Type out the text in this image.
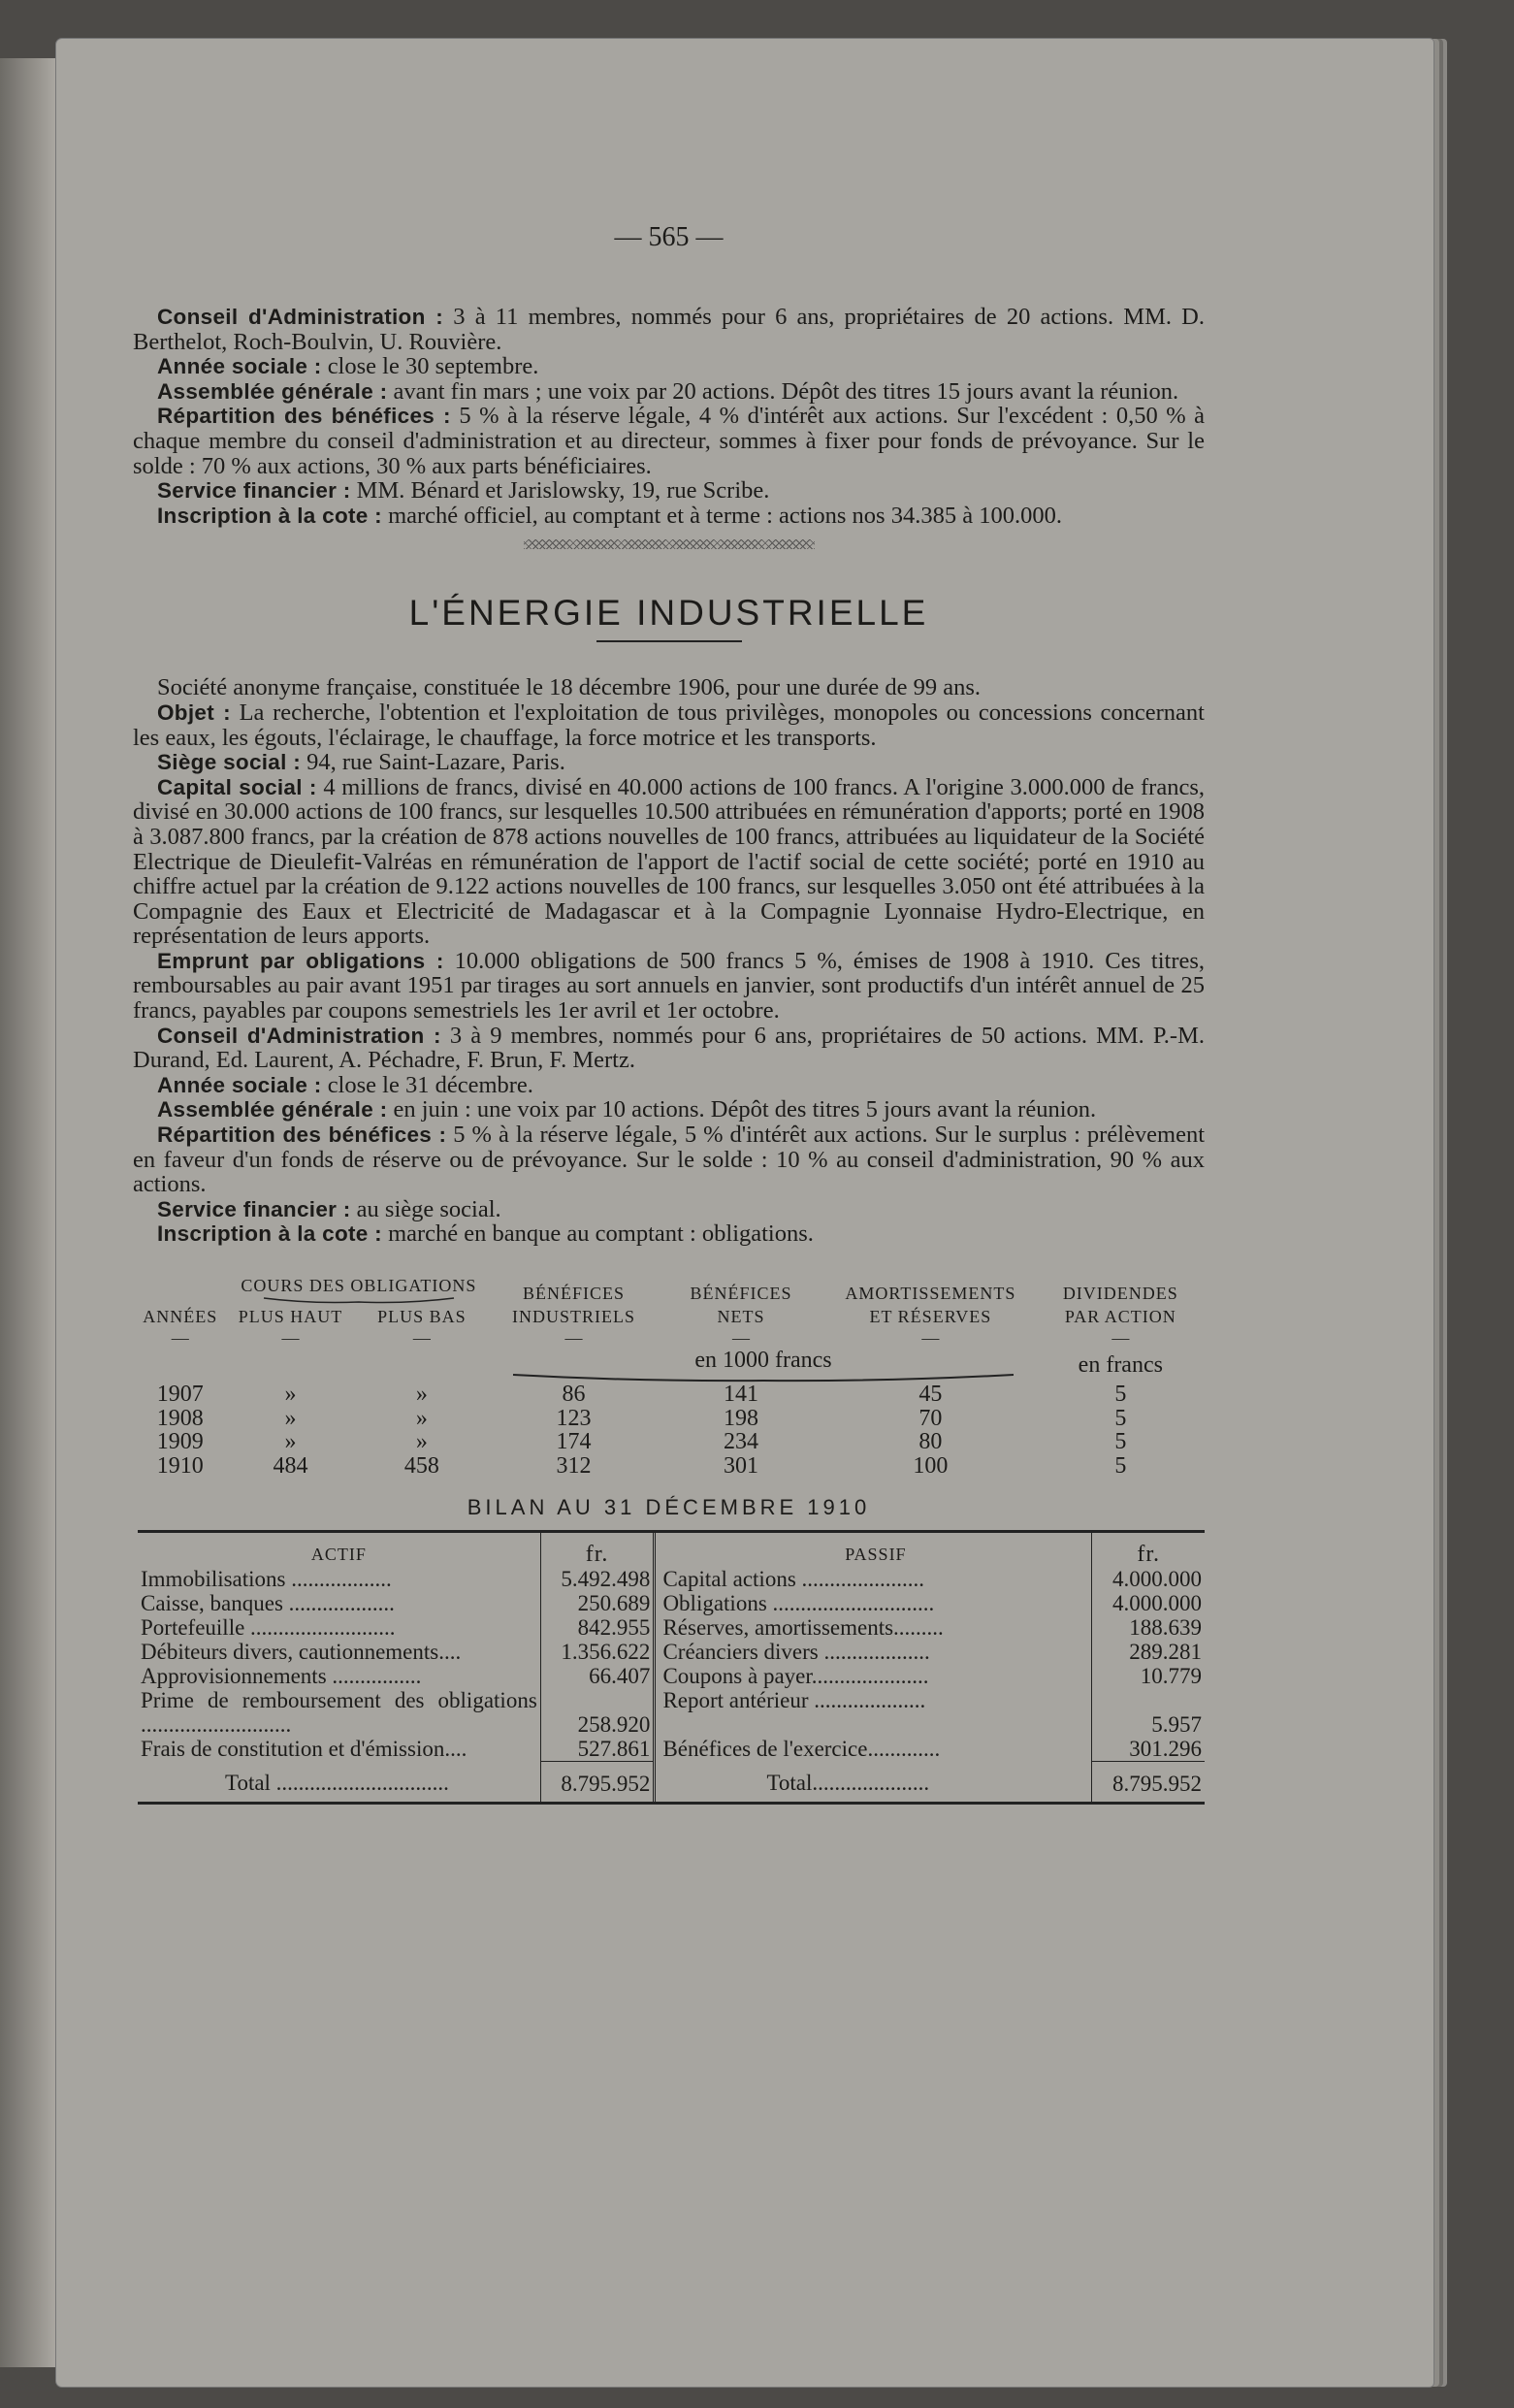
— 565 —

Conseil d'Administration : 3 à 11 membres, nommés pour 6 ans, propriétaires de 20 actions. MM. D. Berthelot, Roch-Boulvin, U. Rouvière.

Année sociale : close le 30 septembre.

Assemblée générale : avant fin mars ; une voix par 20 actions. Dépôt des titres 15 jours avant la réunion.

Répartition des bénéfices : 5 % à la réserve légale, 4 % d'intérêt aux actions. Sur l'excédent : 0,50 % à chaque membre du conseil d'administration et au directeur, sommes à fixer pour fonds de prévoyance. Sur le solde : 70 % aux actions, 30 % aux parts bénéficiaires.

Service financier : MM. Bénard et Jarislowsky, 19, rue Scribe.

Inscription à la cote : marché officiel, au comptant et à terme : actions nos 34.385 à 100.000.

L'ÉNERGIE INDUSTRIELLE

Société anonyme française, constituée le 18 décembre 1906, pour une durée de 99 ans.

Objet : La recherche, l'obtention et l'exploitation de tous privilèges, monopoles ou concessions concernant les eaux, les égouts, l'éclairage, le chauffage, la force motrice et les transports.

Siège social : 94, rue Saint-Lazare, Paris.

Capital social : 4 millions de francs, divisé en 40.000 actions de 100 francs. A l'origine 3.000.000 de francs, divisé en 30.000 actions de 100 francs, sur lesquelles 10.500 attribuées en rémunération d'apports; porté en 1908 à 3.087.800 francs, par la création de 878 actions nouvelles de 100 francs, attribuées au liquidateur de la Société Electrique de Dieulefit-Valréas en rémunération de l'apport de l'actif social de cette société; porté en 1910 au chiffre actuel par la création de 9.122 actions nouvelles de 100 francs, sur lesquelles 3.050 ont été attribuées à la Compagnie des Eaux et Electricité de Madagascar et à la Compagnie Lyonnaise Hydro-Electrique, en représentation de leurs apports.

Emprunt par obligations : 10.000 obligations de 500 francs 5 %, émises de 1908 à 1910. Ces titres, remboursables au pair avant 1951 par tirages au sort annuels en janvier, sont productifs d'un intérêt annuel de 25 francs, payables par coupons semestriels les 1er avril et 1er octobre.

Conseil d'Administration : 3 à 9 membres, nommés pour 6 ans, propriétaires de 50 actions. MM. P.-M. Durand, Ed. Laurent, A. Péchadre, F. Brun, F. Mertz.

Année sociale : close le 31 décembre.

Assemblée générale : en juin : une voix par 10 actions. Dépôt des titres 5 jours avant la réunion.

Répartition des bénéfices : 5 % à la réserve légale, 5 % d'intérêt aux actions. Sur le surplus : prélèvement en faveur d'un fonds de réserve ou de prévoyance. Sur le solde : 10 % au conseil d'administration, 90 % aux actions.

Service financier : au siège social.

Inscription à la cote : marché en banque au comptant : obligations.

ANNÉES	COURS DES OBLIGATIONS		BÉNÉFICES	BÉNÉFICES	AMORTISSEMENTS	DIVIDENDES
	PLUS HAUT	PLUS BAS	INDUSTRIELS	NETS	ET RÉSERVES	PAR ACTION
—	—	—	—	—	—	—
			en 1000 francs			en francs
1907	»	»	86	141	45	5
1908	»	»	123	198	70	5
1909	»	»	174	234	80	5
1910	484	458	312	301	100	5
BILAN AU 31 DÉCEMBRE 1910
ACTIF	fr.		PASSIF	fr.
Immobilisations ..................	5.492.498		Capital actions ......................	4.000.000
Caisse, banques ...................	250.689		Obligations .............................	4.000.000
Portefeuille ..........................	842.955		Réserves, amortissements.........	188.639
Débiteurs divers, cautionnements....	1.356.622		Créanciers divers ...................	289.281
Approvisionnements ................	66.407		Coupons à payer.....................	10.779
Prime de remboursement des obligations ...........................	258.920		Report antérieur ....................	5.957
Frais de constitution et d'émission....	527.861		Bénéfices de l'exercice.............	301.296
Total ...............................	8.795.952		Total.....................	8.795.952
